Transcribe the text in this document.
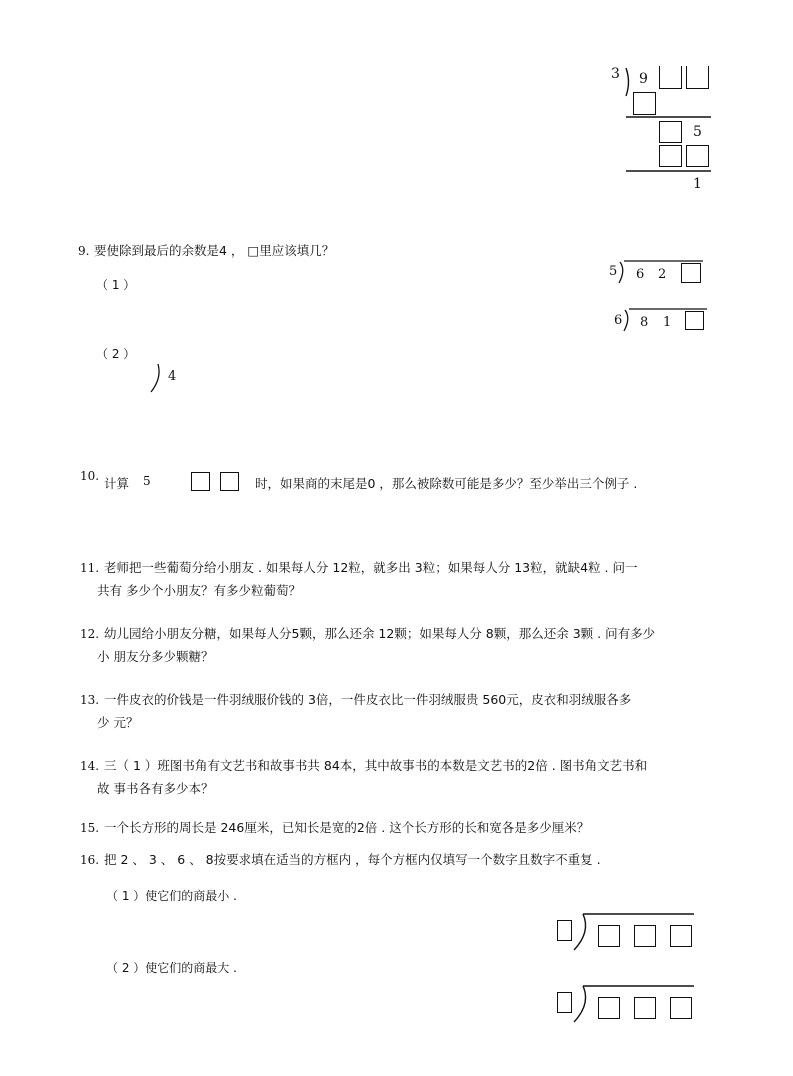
3 9
5
1
9. 要使除到最后的余数是4 ， □里应该填几？
（ 1 ）
（ 2 ）
4
5 6 2
6 8 1
10. 计算 5	时，如果商的末尾是0 ，那么被除数可能是多少？至少举出三个例子 .
11. 老师把一些葡萄分给小朋友 . 如果每人分 12粒，就多出 3粒；如果每人分 13粒，就缺4粒 . 问一
共有 多少个小朋友？有多少粒葡萄？
12. 幼儿园给小朋友分糖，如果每人分5颗，那么还余 12颗；如果每人分 8颗，那么还余 3颗 . 问有多少
小 朋友分多少颗糖？
13. 一件皮衣的价钱是一件羽绒服价钱的 3倍，一件皮衣比一件羽绒服贵 560元，皮衣和羽绒服各多
少 元？
14. 三（ 1 ）班图书角有文艺书和故事书共 84本，其中故事书的本数是文艺书的2倍 . 图书角文艺书和
故 事书各有多少本？
15. 一个长方形的周长是 246厘米，已知长是宽的2倍 . 这个长方形的长和宽各是多少厘米？
16. 把 2 、 3 、 6 、 8按要求填在适当的方框内 ，每个方框内仅填写一个数字且数字不重复 .
（ 1 ）使它们的商最小 .
（ 2 ）使它们的商最大 .
